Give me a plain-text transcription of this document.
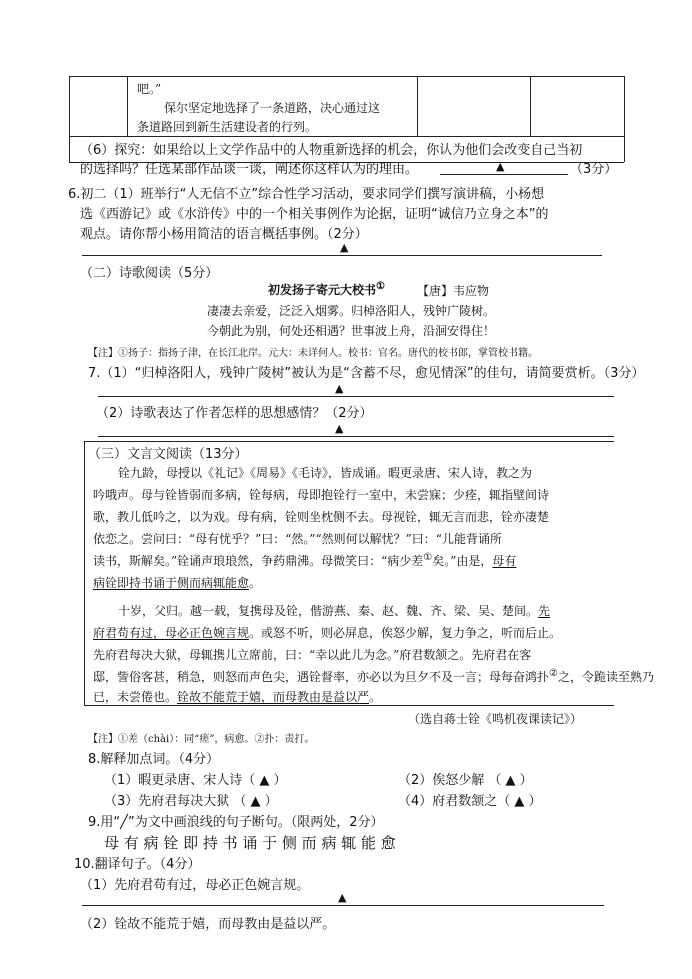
吧。”
保尔坚定地选择了一条道路，决心通过这
条道路回到新生活建设者的行列。
（6）探究：如果给以上文学作品中的人物重新选择的机会，你认为他们会改变自己当初
的选择吗？任选某部作品谈一谈，阐述你这样认为的理由。	▲	（3分）
6.初二（1）班举行“人无信不立”综合性学习活动，要求同学们撰写演讲稿，小杨想
选《西游记》或《水浒传》中的一个相关事例作为论据，证明“诚信乃立身之本”的
观点。请你帮小杨用简洁的语言概括事例。（2分）
▲
（二）诗歌阅读（5分）
初发扬子寄元大校书①	【唐】韦应物
凄凄去亲爱，泛泛入烟雾。归棹洛阳人，残钟广陵树。
今朝此为别，何处还相遇？世事波上舟，沿洄安得住！
【注】①扬子：指扬子津，在长江北岸。元大：未详何人。校书：官名。唐代的校书郎，掌管校书籍。
7.（1）“归棹洛阳人，残钟广陵树”被认为是“含蓄不尽，愈见情深”的佳句，请简要赏析。（3分）
▲
（2）诗歌表达了作者怎样的思想感情？（2分）
▲
（三）文言文阅读（13分）
铨九龄，母授以《礼记》《周易》《毛诗》，皆成诵。暇更录唐、宋人诗，教之为
吟哦声。母与铨皆弱而多病，铨每病，母即抱铨行一室中，未尝寐；少痊，辄指壁间诗
歌，教儿低吟之，以为戏。母有病，铨则坐枕侧不去。母视铨，辄无言而悲，铨亦凄楚
依恋之。尝问曰：“母有忧乎？”曰：“然。”“然则何以解忧？”曰：“儿能背诵所
读书，斯解矣。”铨诵声琅琅然，争药鼎沸。母微笑曰：“病少差①矣。”由是，母有
病铨即持书诵于侧而病辄能愈。
十岁，父归。越一载，复携母及铨，偕游燕、秦、赵、魏、齐、梁、吴、楚间。先
府君苟有过，母必正色婉言规。或怒不听，则必屏息，俟怒少解，复力争之，听而后止。
先府君每决大狱，母辄携儿立席前，曰：“幸以此儿为念。”府君数颔之。先府君在客
邸，訾俗客甚，稍急，则怒而声色尖，遇铨督率，亦必以为旦夕不及一言；母每奋鸿扑②之，令跪读至熟乃
已，未尝倦也。铨故不能荒于嬉，而母教由是益以严。
（选自蒋士铨《鸣机夜课读记》）
【注】①差（chài）：同“瘥”，病愈。②扑：责打。
8.解释加点词。（4分）
（1）暇更录唐、宋人诗（ ▲ ）	（2）俟怒少解 （ ▲ ）
（3）先府君每决大狱 （ ▲ ）	（4）府君数颔之（ ▲ ）
9.用“╱”为文中画浪线的句子断句。（限两处，2分）
母 有 病 铨 即 持 书 诵 于 侧 而 病 辄 能 愈
10.翻译句子。（4分）
（1）先府君苟有过，母必正色婉言规。
▲
（2）铨故不能荒于嬉，而母教由是益以严。
